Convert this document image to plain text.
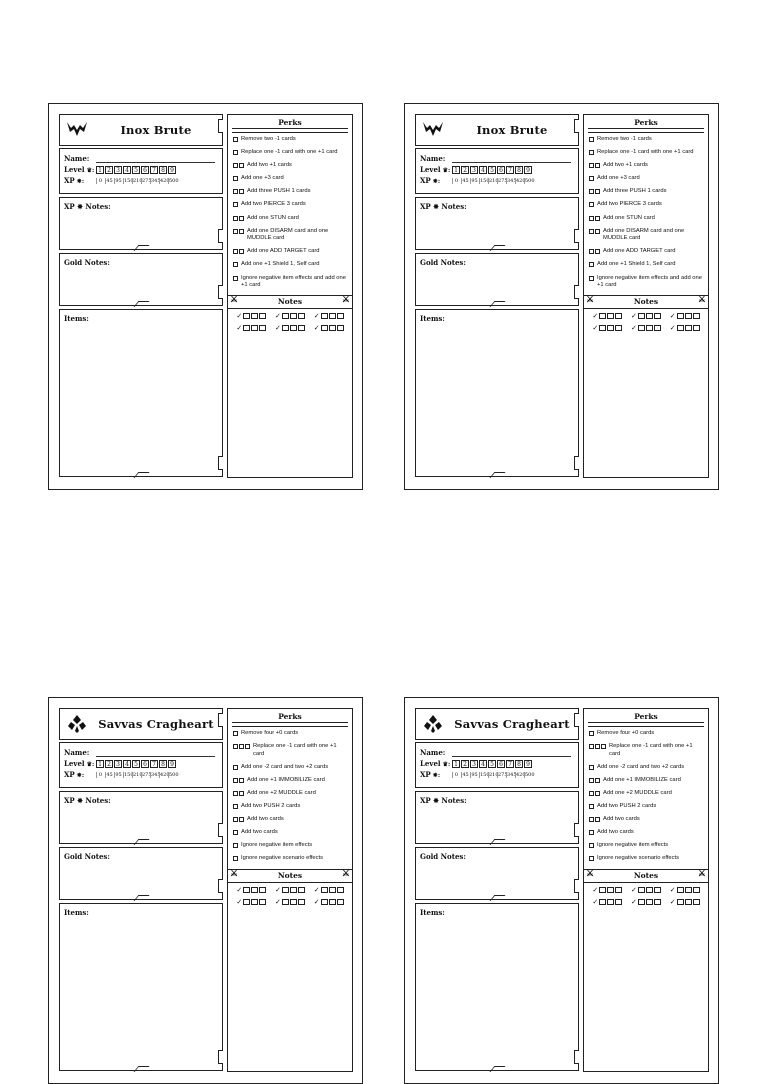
Inox Brute
Name:
Level ♛: 1 2 3 4 5 6 7 8 9
XP ✸:	0 45 95 150 210 275 345 420 500
XP ✸ Notes:
Gold Notes:
Items:
Perks
Remove two -1 cards
Replace one -1 card with one +1 card
Add two +1 cards
Add one +3 card
Add three PUSH 1 cards
Add two PIERCE 3 cards
Add one STUN card
Add one DISARM card and one MUDDLE card
Add one ADD TARGET card
Add one +1 Shield 1, Self card
Ignore negative item effects and add one +1 card
⚔	Notes	⚔
✓	✓	✓
✓	✓	✓
Inox Brute
Name:
Level ♛: 1 2 3 4 5 6 7 8 9
XP ✸:	0 45 95 150 210 275 345 420 500
XP ✸ Notes:
Gold Notes:
Items:
Perks
Remove two -1 cards
Replace one -1 card with one +1 card
Add two +1 cards
Add one +3 card
Add three PUSH 1 cards
Add two PIERCE 3 cards
Add one STUN card
Add one DISARM card and one MUDDLE card
Add one ADD TARGET card
Add one +1 Shield 1, Self card
Ignore negative item effects and add one +1 card
⚔	Notes	⚔
✓	✓	✓
✓	✓	✓
Savvas Cragheart
Name:
Level ♛: 1 2 3 4 5 6 7 8 9
XP ✸:	0 45 95 150 210 275 345 420 500
XP ✸ Notes:
Gold Notes:
Items:
Perks
Remove four +0 cards
Replace one -1 card with one +1 card
Add one -2 card and two +2 cards
Add one +1 IMMOBILIZE card
Add one +2 MUDDLE card
Add two PUSH 2 cards
Add two cards
Add two cards
Ignore negative item effects
Ignore negative scenario effects
⚔	Notes	⚔
✓	✓	✓
✓	✓	✓
Savvas Cragheart
Name:
Level ♛: 1 2 3 4 5 6 7 8 9
XP ✸:	0 45 95 150 210 275 345 420 500
XP ✸ Notes:
Gold Notes:
Items:
Perks
Remove four +0 cards
Replace one -1 card with one +1 card
Add one -2 card and two +2 cards
Add one +1 IMMOBILIZE card
Add one +2 MUDDLE card
Add two PUSH 2 cards
Add two cards
Add two cards
Ignore negative item effects
Ignore negative scenario effects
⚔	Notes	⚔
✓	✓	✓
✓	✓	✓
